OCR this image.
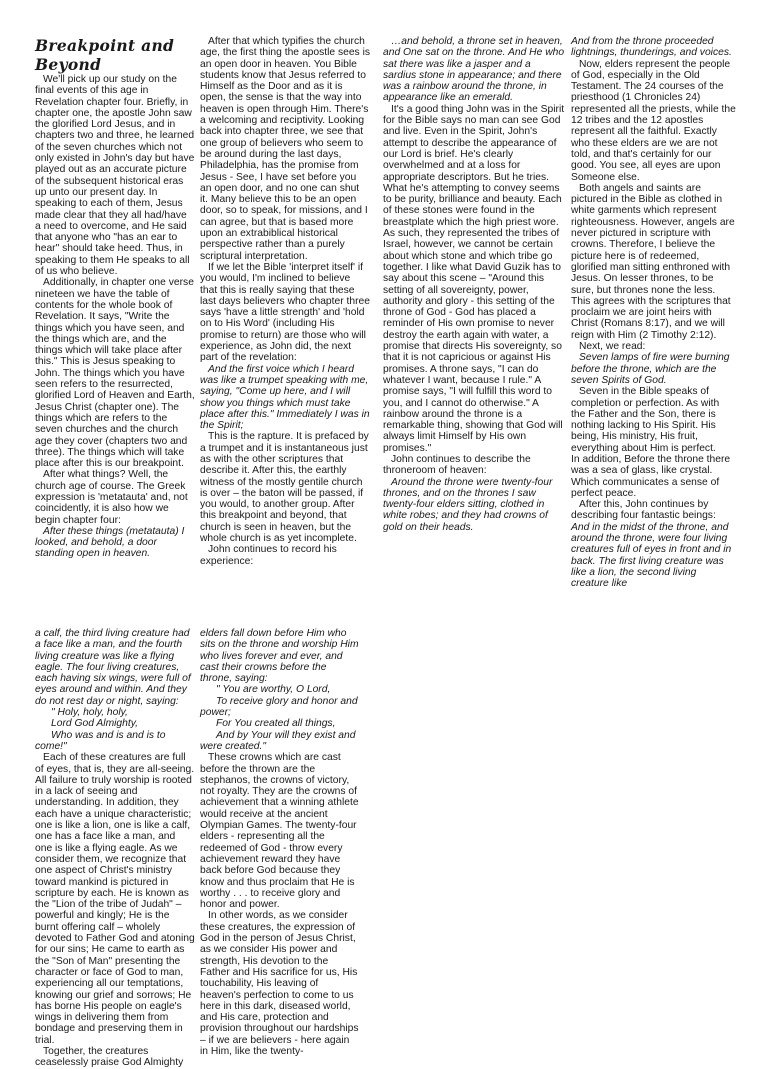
Breakpoint and Beyond

We'll pick up our study on the final events of this age in Revelation chapter four. Briefly, in chapter one, the apostle John saw the glorified Lord Jesus, and in chapters two and three, he learned of the seven churches which not only existed in John's day but have played out as an accurate picture of the subsequent historical eras up unto our present day. In speaking to each of them, Jesus made clear that they all had/have a need to overcome, and He said that anyone who "has an ear to hear" should take heed. Thus, in speaking to them He speaks to all of us who believe.

Additionally, in chapter one verse nineteen we have the table of contents for the whole book of Revelation. It says, "Write the things which you have seen, and the things which are, and the things which will take place after this." This is Jesus speaking to John. The things which you have seen refers to the resurrected, glorified Lord of Heaven and Earth, Jesus Christ (chapter one). The things which are refers to the seven churches and the church age they cover (chapters two and three). The things which will take place after this is our breakpoint.

After what things? Well, the church age of course. The Greek expression is 'metatauta' and, not coincidently, it is also how we begin chapter four:

After these things (metatauta) I looked, and behold, a door standing open in heaven.

After that which typifies the church age, the first thing the apostle sees is an open door in heaven. You Bible students know that Jesus referred to Himself as the Door and as it is open, the sense is that the way into heaven is open through Him. There's a welcoming and reciptivity. Looking back into chapter three, we see that one group of believers who seem to be around during the last days, Philadelphia, has the promise from Jesus - See, I have set before you an open door, and no one can shut it. Many believe this to be an open door, so to speak, for missions, and I can agree, but that is based more upon an extrabiblical historical perspective rather than a purely scriptural interpretation.

If we let the Bible 'interpret itself' if you would, I'm inclined to believe that this is really saying that these last days believers who chapter three says 'have a little strength' and 'hold on to His Word' (including His promise to return) are those who will experience, as John did, the next part of the revelation:

And the first voice which I heard was like a trumpet speaking with me, saying, "Come up here, and I will show you things which must take place after this." Immediately I was in the Spirit;

This is the rapture. It is prefaced by a trumpet and it is instantaneous just as with the other scriptures that describe it. After this, the earthly witness of the mostly gentile church is over – the baton will be passed, if you would, to another group. After this breakpoint and beyond, that church is seen in heaven, but the whole church is as yet incomplete.

John continues to record his experience:

…and behold, a throne set in heaven, and One sat on the throne. And He who sat there was like a jasper and a sardius stone in appearance; and there was a rainbow around the throne, in appearance like an emerald.

It's a good thing John was in the Spirit for the Bible says no man can see God and live. Even in the Spirit, John's attempt to describe the appearance of our Lord is brief. He's clearly overwhelmed and at a loss for appropriate descriptors. But he tries. What he's attempting to convey seems to be purity, brilliance and beauty. Each of these stones were found in the breastplate which the high priest wore. As such, they represented the tribes of Israel, however, we cannot be certain about which stone and which tribe go together. I like what David Guzik has to say about this scene – "Around this setting of all sovereignty, power, authority and glory - this setting of the throne of God - God has placed a reminder of His own promise to never destroy the earth again with water, a promise that directs His sovereignty, so that it is not capricious or against His promises. A throne says, "I can do whatever I want, because I rule." A promise says, "I will fulfill this word to you, and I cannot do otherwise." A rainbow around the throne is a remarkable thing, showing that God will always limit Himself by His own promises."

John continues to describe the throneroom of heaven:

Around the throne were twenty-four thrones, and on the thrones I saw twenty-four elders sitting, clothed in white robes; and they had crowns of gold on their heads.

And from the throne proceeded lightnings, thunderings, and voices.

Now, elders represent the people of God, especially in the Old Testament. The 24 courses of the priesthood (1 Chronicles 24) represented all the priests, while the 12 tribes and the 12 apostles represent all the faithful. Exactly who these elders are we are not told, and that's certainly for our good. You see, all eyes are upon Someone else.

Both angels and saints are pictured in the Bible as clothed in white garments which represent righteousness. However, angels are never pictured in scripture with crowns. Therefore, I believe the picture here is of redeemed, glorified man sitting enthroned with Jesus. On lesser thrones, to be sure, but thrones none the less. This agrees with the scriptures that proclaim we are joint heirs with Christ (Romans 8:17), and we will reign with Him (2 Timothy 2:12).

Next, we read:

Seven lamps of fire were burning before the throne, which are the seven Spirits of God.

Seven in the Bible speaks of completion or perfection. As with the Father and the Son, there is nothing lacking to His Spirit. His being, His ministry, His fruit, everything about Him is perfect.

In addition, Before the throne there was a sea of glass, like crystal. Which communicates a sense of perfect peace.

After this, John continues by describing four fantastic beings:

And in the midst of the throne, and around the throne, were four living creatures full of eyes in front and in back. The first living creature was like a lion, the second living creature like

a calf, the third living creature had a face like a man, and the fourth living creature was like a flying eagle. The four living creatures, each having six wings, were full of eyes around and within. And they do not rest day or night, saying:

" Holy, holy, holy,

Lord God Almighty,

Who was and is and is to come!"

Each of these creatures are full of eyes, that is, they are all-seeing. All failure to truly worship is rooted in a lack of seeing and understanding. In addition, they each have a unique characteristic; one is like a lion, one is like a calf, one has a face like a man, and one is like a flying eagle. As we consider them, we recognize that one aspect of Christ's ministry toward mankind is pictured in scripture by each. He is known as the "Lion of the tribe of Judah" – powerful and kingly; He is the burnt offering calf – wholely devoted to Father God and atoning for our sins; He came to earth as the "Son of Man" presenting the character or face of God to man, experiencing all our temptations, knowing our grief and sorrows; He has borne His people on eagle's wings in delivering them from bondage and preserving them in trial.

Together, the creatures ceaselessly praise God Almighty

elders fall down before Him who sits on the throne and worship Him who lives forever and ever, and cast their crowns before the throne, saying:

" You are worthy, O Lord,

To receive glory and honor and power;

For You created all things,

And by Your will they exist and were created."

These crowns which are cast before the thrown are the stephanos, the crowns of victory, not royalty. They are the crowns of achievement that a winning athlete would receive at the ancient Olympian Games. The twenty-four elders - representing all the redeemed of God - throw every achievement reward they have back before God because they know and thus proclaim that He is worthy . . . to receive glory and honor and power.

In other words, as we consider these creatures, the expression of God in the person of Jesus Christ, as we consider His power and strength, His devotion to the Father and His sacrifice for us, His touchability, His leaving of heaven's perfection to come to us here in this dark, diseased world, and His care, protection and provision throughout our hardships – if we are believers - here again in Him, like the twenty-
